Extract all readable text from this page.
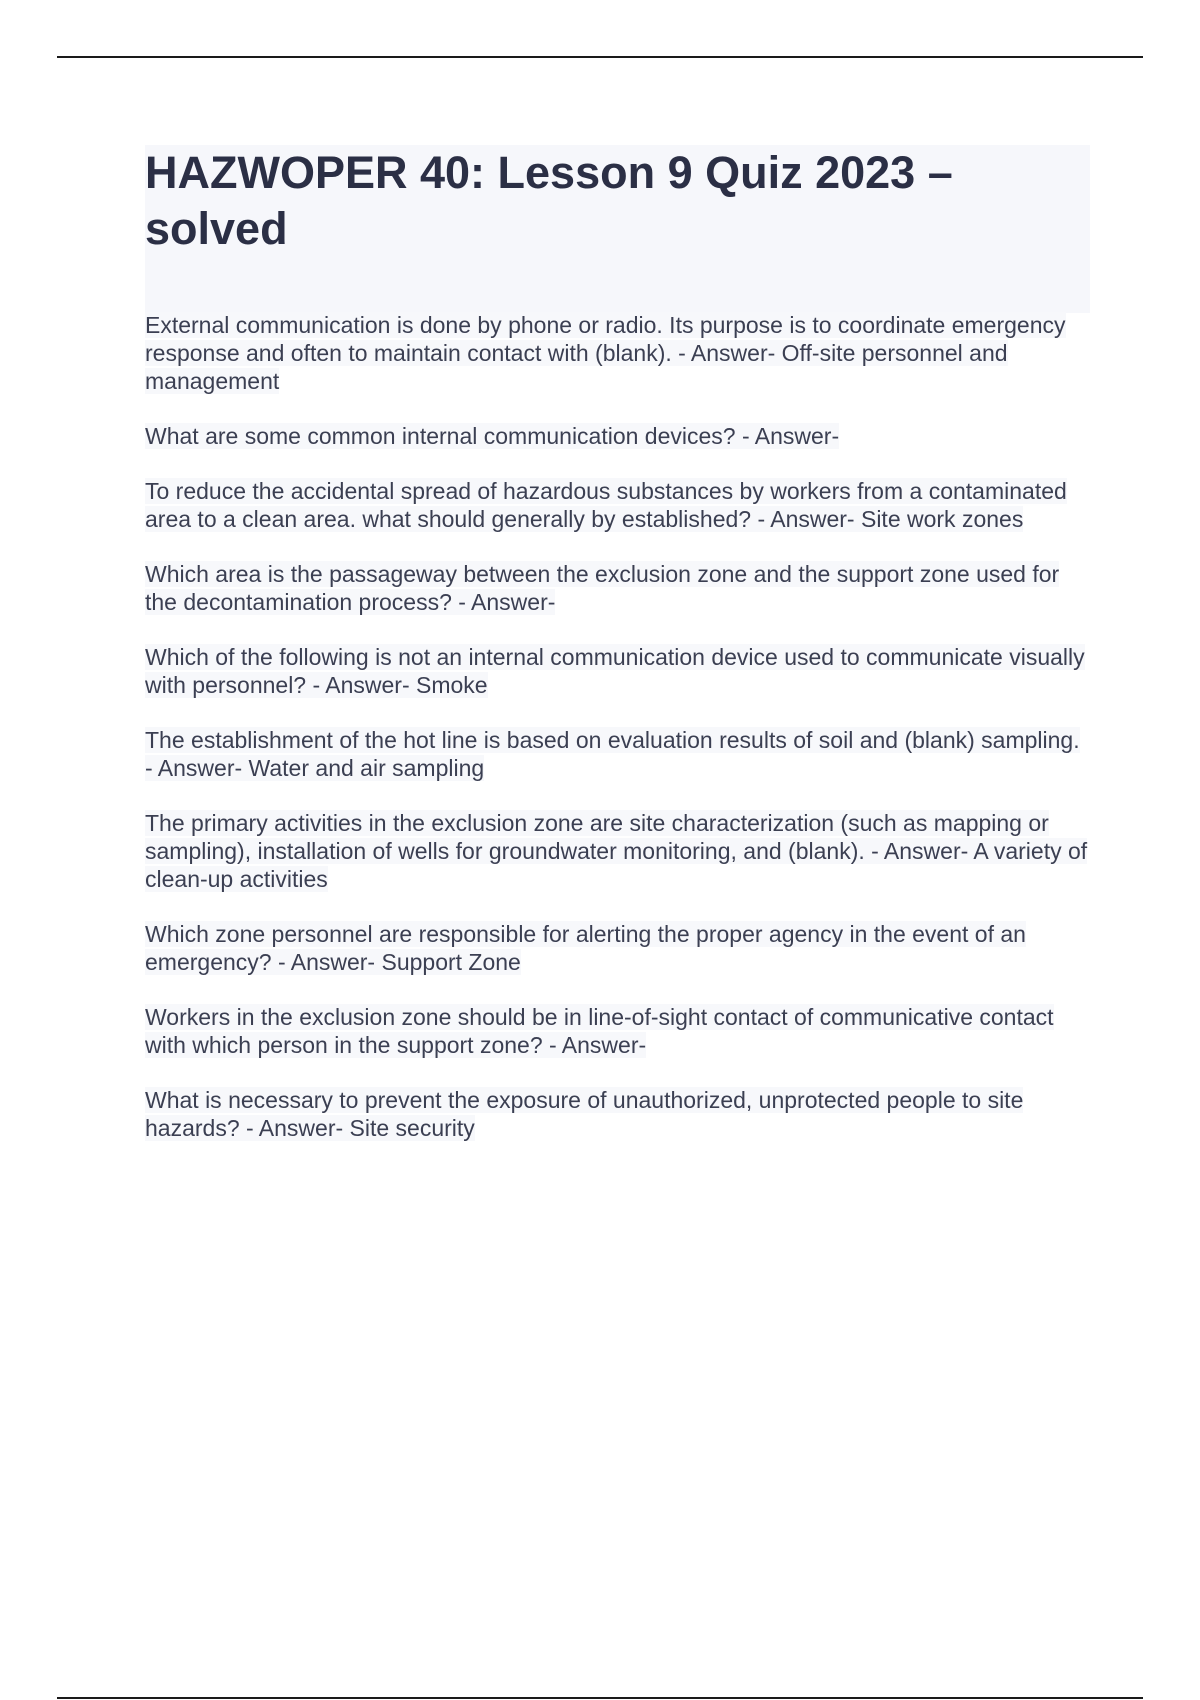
HAZWOPER 40: Lesson 9 Quiz 2023 – solved
External communication is done by phone or radio. Its purpose is to coordinate emergency response and often to maintain contact with (blank). - Answer- Off-site personnel and management
What are some common internal communication devices? - Answer-
To reduce the accidental spread of hazardous substances by workers from a contaminated area to a clean area. what should generally by established? - Answer- Site work zones
Which area is the passageway between the exclusion zone and the support zone used for the decontamination process? - Answer-
Which of the following is not an internal communication device used to communicate visually with personnel? - Answer- Smoke
The establishment of the hot line is based on evaluation results of soil and (blank) sampling. - Answer- Water and air sampling
The primary activities in the exclusion zone are site characterization (such as mapping or sampling), installation of wells for groundwater monitoring, and (blank). - Answer- A variety of clean-up activities
Which zone personnel are responsible for alerting the proper agency in the event of an emergency? - Answer- Support Zone
Workers in the exclusion zone should be in line-of-sight contact of communicative contact with which person in the support zone? - Answer-
What is necessary to prevent the exposure of unauthorized, unprotected people to site hazards? - Answer- Site security
